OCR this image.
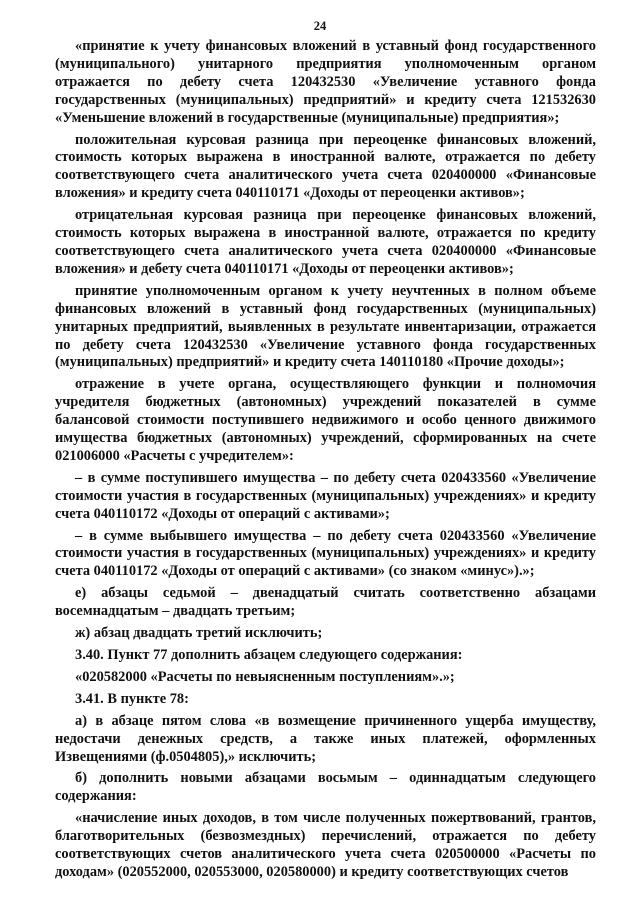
24

«принятие к учету финансовых вложений в уставный фонд государственного (муниципального) унитарного предприятия уполномоченным органом отражается по дебету счета 120432530 «Увеличение уставного фонда государственных (муниципальных) предприятий» и кредиту счета 121532630 «Уменьшение вложений в государственные (муниципальные) предприятия»;

положительная курсовая разница при переоценке финансовых вложений, стоимость которых выражена в иностранной валюте, отражается по дебету соответствующего счета аналитического учета счета 020400000 «Финансовые вложения» и кредиту счета 040110171 «Доходы от переоценки активов»;

отрицательная курсовая разница при переоценке финансовых вложений, стоимость которых выражена в иностранной валюте, отражается по кредиту соответствующего счета аналитического учета счета 020400000 «Финансовые вложения» и дебету счета 040110171 «Доходы от переоценки активов»;

принятие уполномоченным органом к учету неучтенных в полном объеме финансовых вложений в уставный фонд государственных (муниципальных) унитарных предприятий, выявленных в результате инвентаризации, отражается по дебету счета 120432530 «Увеличение уставного фонда государственных (муниципальных) предприятий» и кредиту счета 140110180 «Прочие доходы»;

отражение в учете органа, осуществляющего функции и полномочия учредителя бюджетных (автономных) учреждений показателей в сумме балансовой стоимости поступившего недвижимого и особо ценного движимого имущества бюджетных (автономных) учреждений, сформированных на счете 021006000 «Расчеты с учредителем»:

– в сумме поступившего имущества – по дебету счета 020433560 «Увеличение стоимости участия в государственных (муниципальных) учреждениях» и кредиту счета 040110172 «Доходы от операций с активами»;

– в сумме выбывшего имущества – по дебету счета 020433560 «Увеличение стоимости участия в государственных (муниципальных) учреждениях» и кредиту счета 040110172 «Доходы от операций с активами» (со знаком «минус»).»;

е) абзацы седьмой – двенадцатый считать соответственно абзацами восемнадцатым – двадцать третьим;

ж) абзац двадцать третий исключить;

3.40. Пункт 77 дополнить абзацем следующего содержания:

«020582000 «Расчеты по невыясненным поступлениям».»;

3.41. В пункте 78:

а) в абзаце пятом слова «в возмещение причиненного ущерба имуществу, недостачи денежных средств, а также иных платежей, оформленных Извещениями (ф.0504805),» исключить;

б) дополнить новыми абзацами восьмым – одиннадцатым следующего содержания:

«начисление иных доходов, в том числе полученных пожертвований, грантов, благотворительных (безвозмездных) перечислений, отражается по дебету соответствующих счетов аналитического учета счета 020500000 «Расчеты по доходам» (020552000, 020553000, 020580000) и кредиту соответствующих счетов
